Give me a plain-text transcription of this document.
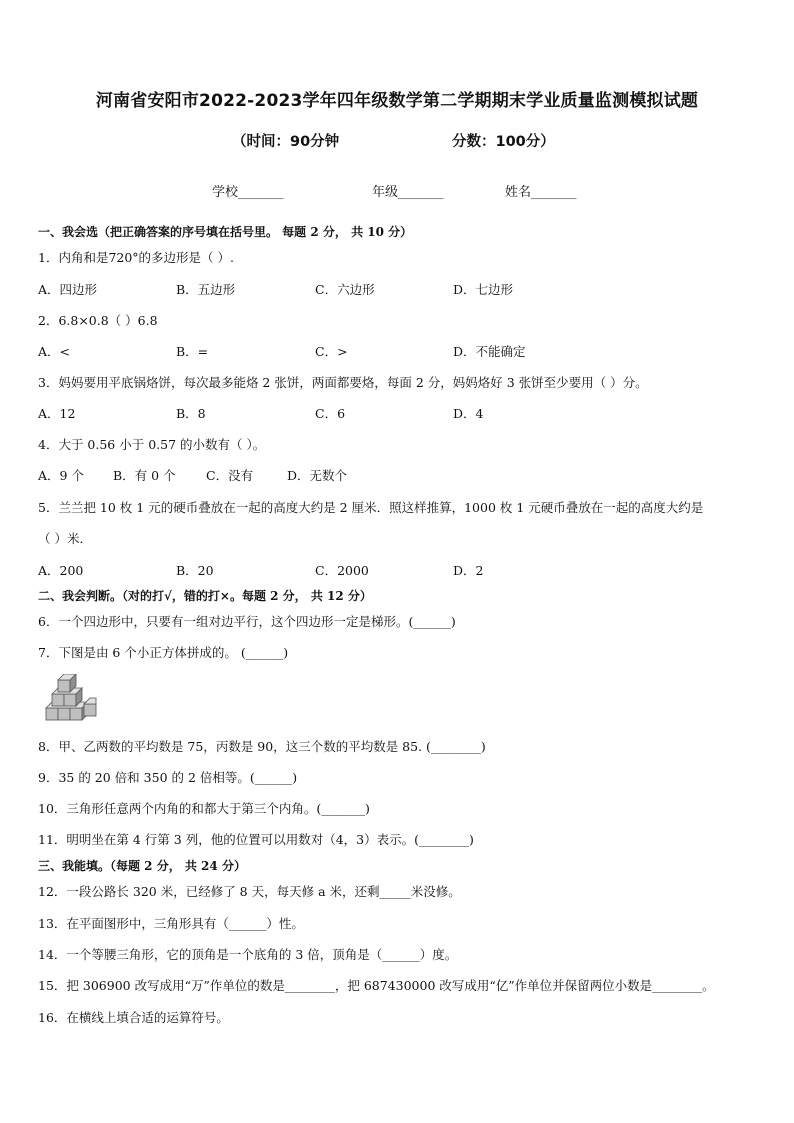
河南省安阳市2022-2023学年四年级数学第二学期期末学业质量监测模拟试题
（时间：90分钟	分数：100分）
学校_______	年级_______	姓名_______
一、我会选（把正确答案的序号填在括号里。 每题 2 分， 共 10 分）
1．内角和是720°的多边形是（ ）.
A．四边形	B．五边形	C．六边形	D．七边形
2．6.8×0.8（ ）6.8
A．<	B．=	C．>	D．不能确定
3．妈妈要用平底锅烙饼，每次最多能烙 2 张饼，两面都要烙，每面 2 分，妈妈烙好 3 张饼至少要用（ ）分。
A．12	B．8	C．6	D．4
4．大于 0.56 小于 0.57 的小数有（ ）。
A．9 个 B．有 0 个 C．没有	D．无数个
5．兰兰把 10 枚 1 元的硬币叠放在一起的高度大约是 2 厘米．照这样推算，1000 枚 1 元硬币叠放在一起的高度大约是
（ ）米．
A．200	B．20	C．2000	D．2
二、我会判断。（对的打√，错的打×。每题 2 分， 共 12 分）
6．一个四边形中，只要有一组对边平行，这个四边形一定是梯形。(______)
7．下图是由 6 个小正方体拼成的。 (______)
8．甲、乙两数的平均数是 75，丙数是 90，这三个数的平均数是 85. (________)
9．35 的 20 倍和 350 的 2 倍相等。(______)
10．三角形任意两个内角的和都大于第三个内角。(_______)
11．明明坐在第 4 行第 3 列，他的位置可以用数对（4，3）表示。(________)
三、我能填。（每题 2 分， 共 24 分）
12．一段公路长 320 米，已经修了 8 天，每天修 a 米，还剩_____米没修。
13．在平面图形中，三角形具有（______）性。
14．一个等腰三角形，它的顶角是一个底角的 3 倍，顶角是（______）度。
15．把 306900 改写成用“万”作单位的数是________，把 687430000 改写成用“亿”作单位并保留两位小数是________。
16．在横线上填合适的运算符号。
